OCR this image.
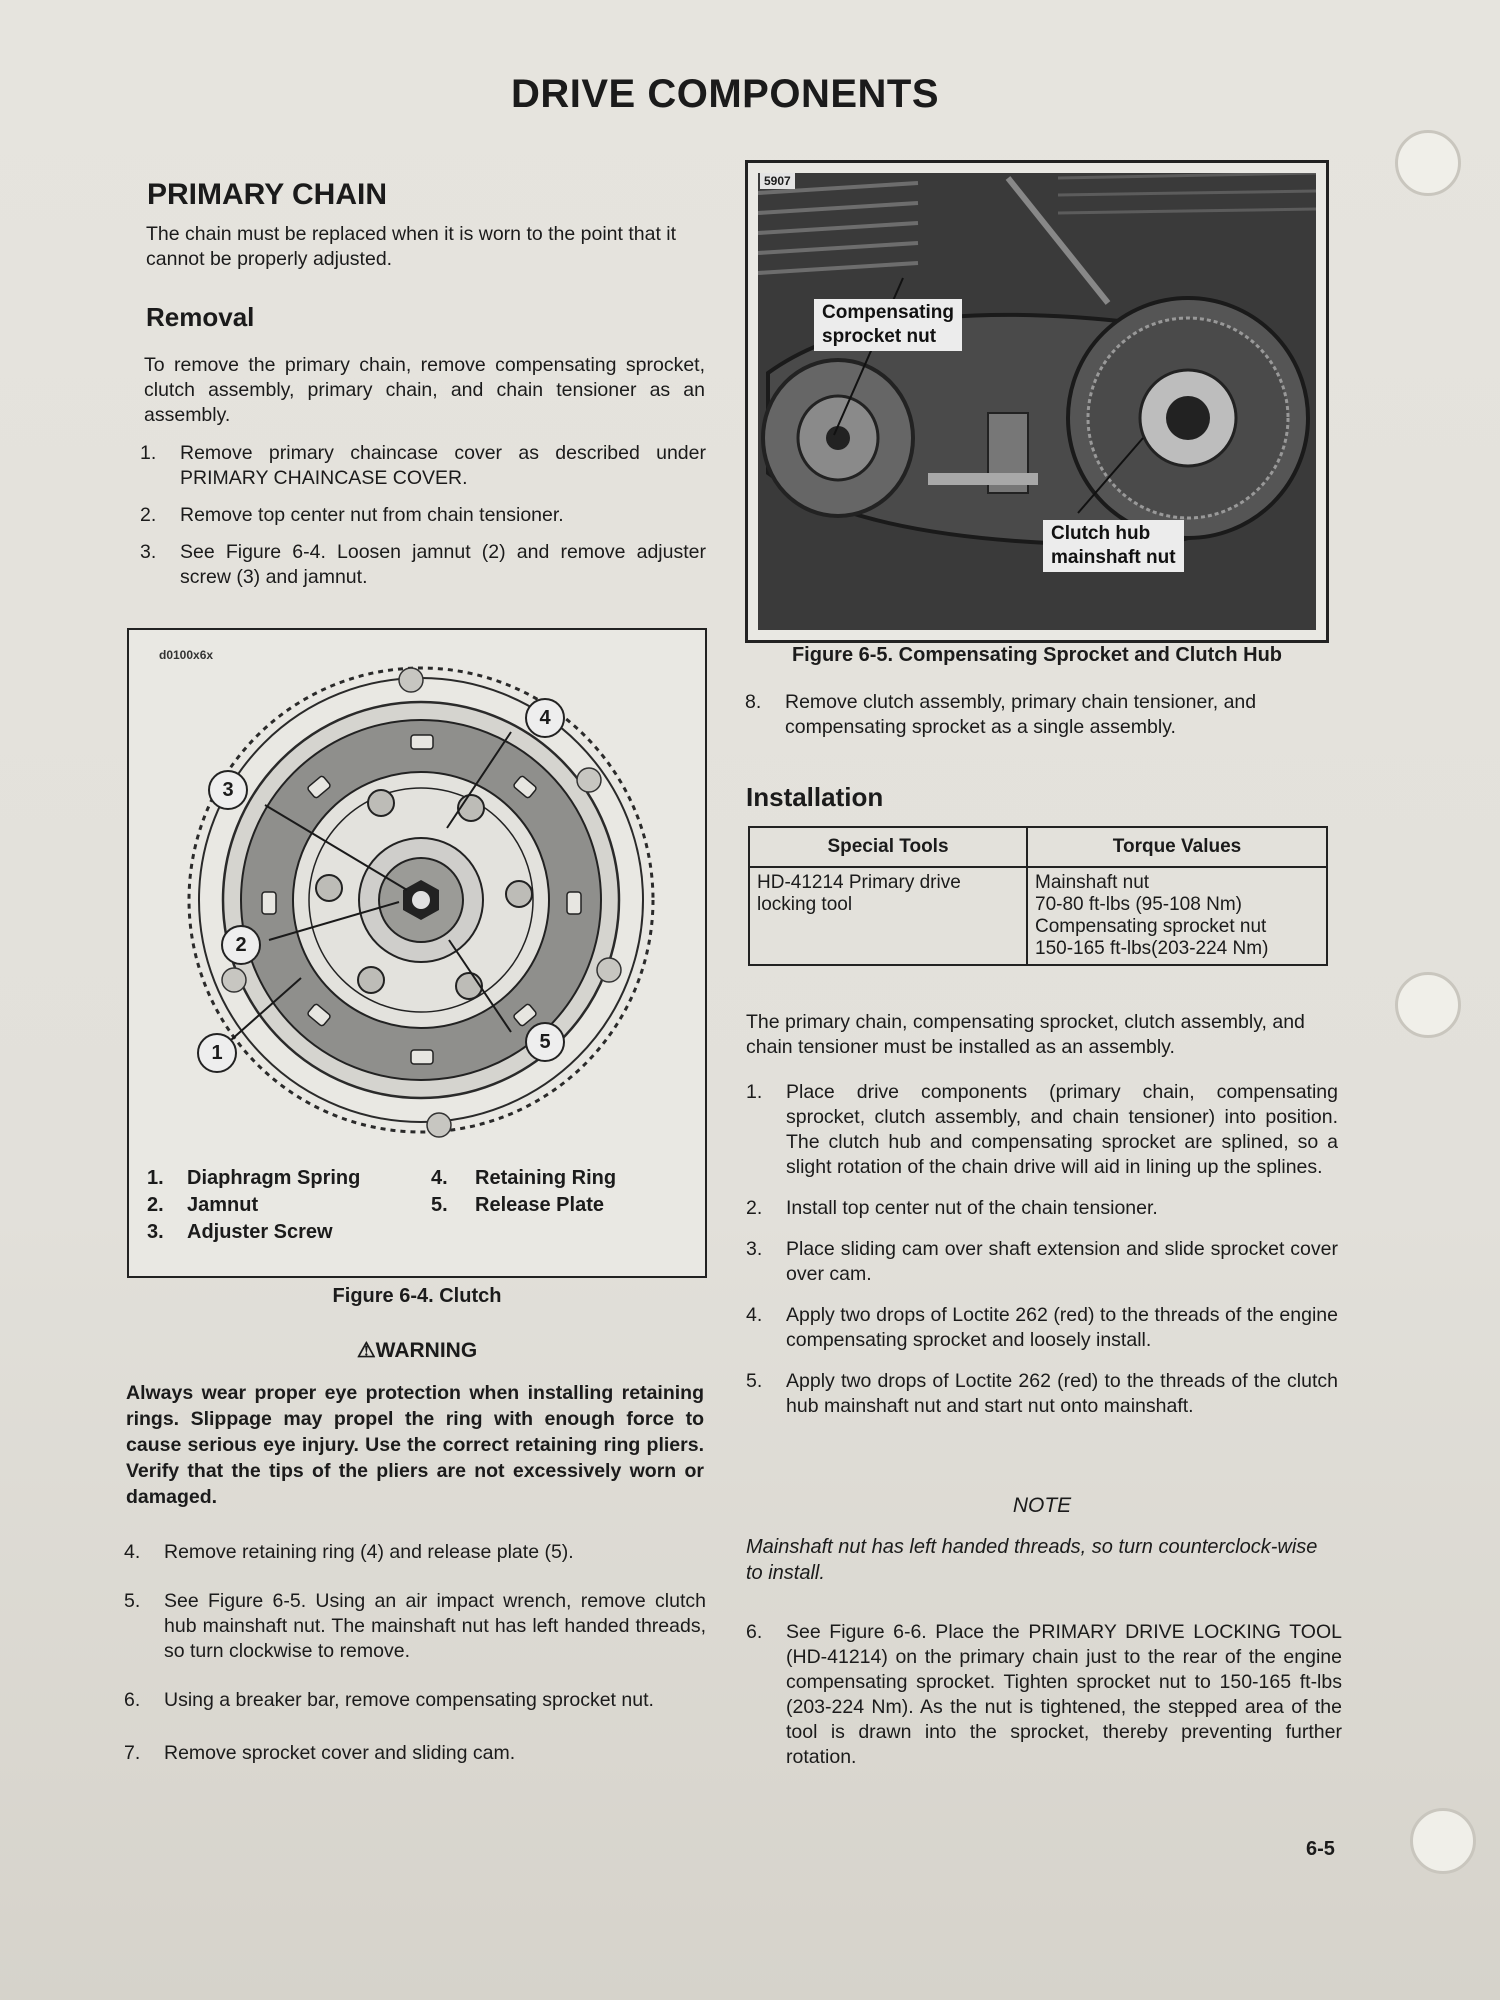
DRIVE COMPONENTS
PRIMARY CHAIN
The chain must be replaced when it is worn to the point that it cannot be properly adjusted.
Removal
To remove the primary chain, remove compensating sprocket, clutch assembly, primary chain, and chain tensioner as an assembly.
1.	Remove primary chaincase cover as described under PRIMARY CHAINCASE COVER.
2.	Remove top center nut from chain tensioner.
3.	See Figure 6-4. Loosen jamnut (2) and remove adjuster screw (3) and jamnut.
d0100x6x
1
2
3
4
5
1. Diaphragm Spring
2. Jamnut
3. Adjuster Screw
4. Retaining Ring
5. Release Plate
Figure 6-4. Clutch
⚠WARNING
Always wear proper eye protection when installing retaining rings. Slippage may propel the ring with enough force to cause serious eye injury. Use the correct retaining ring pliers. Verify that the tips of the pliers are not excessively worn or damaged.
4.	Remove retaining ring (4) and release plate (5).
5.	See Figure 6-5. Using an air impact wrench, remove clutch hub mainshaft nut. The mainshaft nut has left handed threads, so turn clockwise to remove.
6.	Using a breaker bar, remove compensating sprocket nut.
7.	Remove sprocket cover and sliding cam.
5907
Compensating
sprocket nut
Clutch hub
mainshaft nut
Figure 6-5. Compensating Sprocket and Clutch Hub
8.	Remove clutch assembly, primary chain tensioner, and compensating sprocket as a single assembly.
Installation
Special Tools	Torque Values
HD-41214 Primary drive locking tool	Mainshaft nut
70-80 ft-lbs (95-108 Nm)
Compensating sprocket nut
150-165 ft-lbs(203-224 Nm)
The primary chain, compensating sprocket, clutch assembly, and chain tensioner must be installed as an assembly.
1.	Place drive components (primary chain, compensating sprocket, clutch assembly, and chain tensioner) into position. The clutch hub and compensating sprocket are splined, so a slight rotation of the chain drive will aid in lining up the splines.
2.	Install top center nut of the chain tensioner.
3.	Place sliding cam over shaft extension and slide sprocket cover over cam.
4.	Apply two drops of Loctite 262 (red) to the threads of the engine compensating sprocket and loosely install.
5.	Apply two drops of Loctite 262 (red) to the threads of the clutch hub mainshaft nut and start nut onto mainshaft.
NOTE
Mainshaft nut has left handed threads, so turn counterclock-wise to install.
6.	See Figure 6-6. Place the PRIMARY DRIVE LOCKING TOOL (HD-41214) on the primary chain just to the rear of the engine compensating sprocket. Tighten sprocket nut to 150-165 ft-lbs (203-224 Nm). As the nut is tightened, the stepped area of the tool is drawn into the sprocket, thereby preventing further rotation.
6-5
